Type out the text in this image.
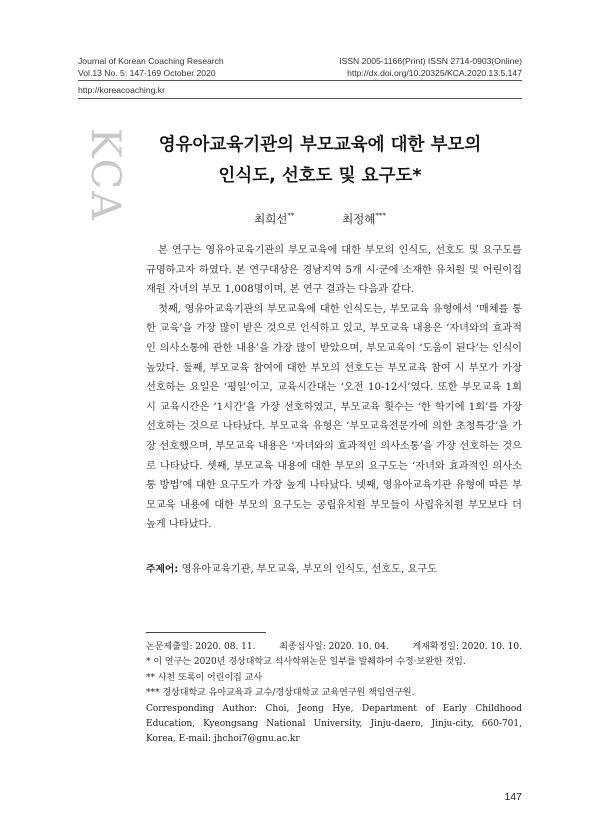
Journal of Korean Coaching Research	ISSN 2005-1166(Print) ISSN 2714-0903(Online)
Vol.13 No. 5: 147-169 October 2020	http://dx.doi.org/10.20325/KCA.2020.13.5.147
http://koreacoaching.kr
KCA	영유아교육기관의 부모교육에 대한 부모의
인식도, 선호도 및 요구도*
최희선**	최정혜***

본 연구는 영유아교육기관의 부모교육에 대한 부모의 인식도, 선호도 및 요구도를 규명하고자 하였다. 본 연구대상은 경남지역 5개 시·군에 소재한 유치원 및 어린이집 재원 자녀의 부모 1,008명이며, 본 연구 결과는 다음과 같다.

첫째, 영유아교육기관의 부모교육에 대한 인식도는, 부모교육 유형에서 ‘매체를 통한 교육’을 가장 많이 받은 것으로 인식하고 있고, 부모교육 내용은 ‘자녀와의 효과적인 의사소통에 관한 내용’을 가장 많이 받았으며, 부모교육이 ‘도움이 된다’는 인식이 높았다. 둘째, 부모교육 참여에 대한 부모의 선호도는 부모교육 참여 시 부모가 가장 선호하는 요일은 ‘평일’이고, 교육시간대는 ‘오전 10-12시’였다. 또한 부모교육 1회 시 교육시간은 ‘1시간’을 가장 선호하였고, 부모교육 횟수는 ‘한 학기에 1회’를 가장 선호하는 것으로 나타났다. 부모교육 유형은 ‘부모교육전문가에 의한 초청특강’을 가장 선호했으며, 부모교육 내용은 ‘자녀와의 효과적인 의사소통’을 가장 선호하는 것으로 나타났다. 셋째, 부모교육 내용에 대한 부모의 요구도는 ‘자녀와 효과적인 의사소통 방법’에 대한 요구도가 가장 높게 나타났다. 넷째, 영유아교육기관 유형에 따른 부모교육 내용에 대한 부모의 요구도는 공립유치원 부모들이 사립유치원 부모보다 더 높게 나타났다.

주제어: 영유아교육기관, 부모교육, 부모의 인식도, 선호도, 요구도
논문제출일: 2020. 08. 11.	최종심사일: 2020. 10. 04.	게재확정일: 2020. 10. 10.
* 이 연구는 2020년 경상대학교 석사학위논문 일부를 발췌하여 수정·보완한 것임.
** 사천 또록이 어린이집 교사
*** 경상대학교 유아교육과 교수/경상대학교 교육연구원 책임연구원.
Corresponding Author: Choi, Jeong Hye, Department of Early Childhood Education, Kyeongsang National University, Jinju-daero, Jinju-city, 660-701, Korea, E-mail: jhchoi7@gnu.ac.kr
147
